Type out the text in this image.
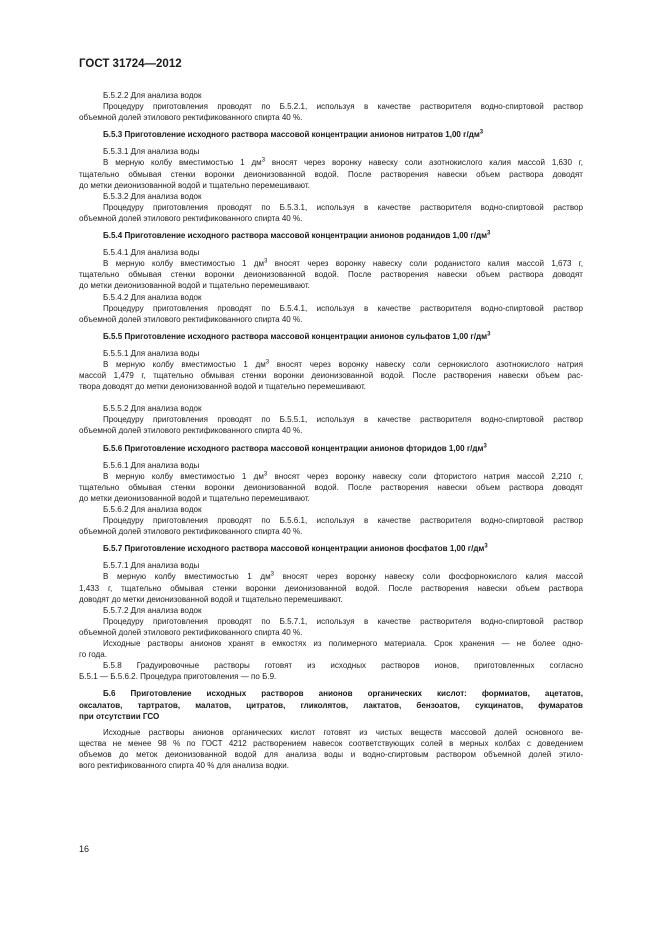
ГОСТ 31724—2012

Б.5.2.2 Для анализа водок

Процедуру приготовления проводят по Б.5.2.1, используя в качестве растворителя водно-спиртовой раствор

объемной долей этилового ректификованного спирта 40 %.

Б.5.3 Приготовление исходного раствора массовой концентрации анионов нитратов 1,00 $г/дм^3$

Б.5.3.1 Для анализа воды

В мерную колбу вместимостью 1 $дм^3$ вносят через воронку навеску соли азотнокислого калия массой 1,630 г,

тщательно обмывая стенки воронки деионизованной водой. После растворения навески объем раствора доводят

до метки деионизованной водой и тщательно перемешивают.

Б.5.3.2 Для анализа водок

Процедуру приготовления проводят по Б.5.3.1, используя в качестве растворителя водно-спиртовой раствор

объемной долей этилового ректификованного спирта 40 %.

Б.5.4 Приготовление исходного раствора массовой концентрации анионов роданидов 1,00 $г/дм^3$

Б.5.4.1 Для анализа воды

В мерную колбу вместимостью 1 $дм^3$ вносят через воронку навеску соли роданистого калия массой 1,673 г,

тщательно обмывая стенки воронки деионизованной водой. После растворения навески объем раствора доводят

до метки деионизованной водой и тщательно перемешивают.

Б.5.4.2 Для анализа водок

Процедуру приготовления проводят по Б.5.4.1, используя в качестве растворителя водно-спиртовой раствор

объемной долей этилового ректификованного спирта 40 %.

Б.5.5 Приготовление исходного раствора массовой концентрации анионов сульфатов 1,00 $г/дм^3$

Б.5.5.1 Для анализа воды

В мерную колбу вместимостью 1 $дм^3$ вносят через воронку навеску соли сернокислого азотнокислого натрия

массой 1,479 г, тщательно обмывая стенки воронки деионизованной водой. После растворения навески объем рас-

твора доводят до метки деионизованной водой и тщательно перемешивают.

Б.5.5.2 Для анализа водок

Процедуру приготовления проводят по Б.5.5.1, используя в качестве растворителя водно-спиртовой раствор

объемной долей этилового ректификованного спирта 40 %.

Б.5.6 Приготовление исходного раствора массовой концентрации анионов фторидов 1,00 $г/дм^3$

Б.5.6.1 Для анализа воды

В мерную колбу вместимостью 1 $дм^3$ вносят через воронку навеску соли фтористого натрия массой 2,210 г,

тщательно обмывая стенки воронки деионизованной водой. После растворения навески объем раствора доводят

до метки деионизованной водой и тщательно перемешивают.

Б.5.6.2 Для анализа водок

Процедуру приготовления проводят по Б.5.6.1, используя в качестве растворителя водно-спиртовой раствор

объемной долей этилового ректификованного спирта 40 %.

Б.5.7 Приготовление исходного раствора массовой концентрации анионов фосфатов 1,00 $г/дм^3$

Б.5.7.1 Для анализа воды

В мерную колбу вместимостью 1 $дм^3$ вносят через воронку навеску соли фосфорнокислого калия массой

1,433 г, тщательно обмывая стенки воронки деионизованной водой. После растворения навески объем раствора

доводят до метки деионизованной водой и тщательно перемешивают.

Б.5.7.2 Для анализа водок

Процедуру приготовления проводят по Б.5.7.1, используя в качестве растворителя водно-спиртовой раствор

объемной долей этилового ректификованного спирта 40 %.

Исходные растворы анионов хранят в емкостях из полимерного материала. Срок хранения — не более одно-

го года.

Б.5.8 Градуировочные растворы готовят из исходных растворов ионов, приготовленных согласно

Б.5.1 — Б.5.6.2. Процедура приготовления — по Б.9.

Б.6 Приготовление исходных растворов анионов органических кислот: формиатов, ацетатов,

оксалатов, тартратов, малатов, цитратов, гликолятов, лактатов, бензоатов, сукцинатов, фумаратов

при отсутствии ГСО

Исходные растворы анионов органических кислот готовят из чистых веществ массовой долей основного ве-

щества не менее 98 % по ГОСТ 4212 растворением навесок соответствующих солей в мерных колбах с доведением

объемов до меток деионизованной водой для анализа воды и водно-спиртовым раствором объемной долей этило-

вого ректификованного спирта 40 % для анализа водки.

16
